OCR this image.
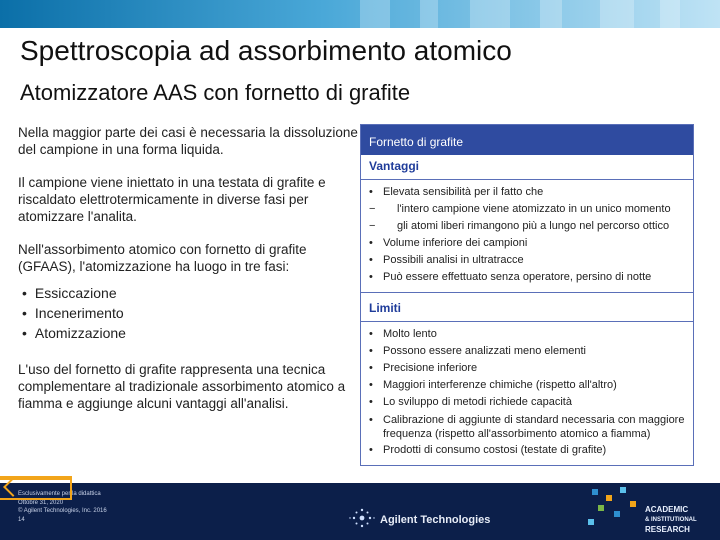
Spettroscopia ad assorbimento atomico
Atomizzatore AAS con fornetto di grafite

Nella maggior parte dei casi è necessaria la dissoluzione del campione in una forma liquida.

Il campione viene iniettato in una testata di grafite e riscaldato elettrotermicamente in diverse fasi per atomizzare l'analita.

Nell'assorbimento atomico con fornetto di grafite (GFAAS), l'atomizzazione ha luogo in tre fasi:

• Essiccazione
• Incenerimento
• Atomizzazione

L'uso del fornetto di grafite rappresenta una tecnica complementare al tradizionale assorbimento atomico a fiamma e aggiunge alcuni vantaggi all'analisi.

Fornetto di grafite
Vantaggi
• Elevata sensibilità per il fatto che
− l'intero campione viene atomizzato in un unico momento
− gli atomi liberi rimangono più a lungo nel percorso ottico
• Volume inferiore dei campioni
• Possibili analisi in ultratracce
• Può essere effettuato senza operatore, persino di notte
Limiti
• Molto lento
• Possono essere analizzati meno elementi
• Precisione inferiore
• Maggiori interferenze chimiche (rispetto all'altro)
• Lo sviluppo di metodi richiede capacità
• Calibrazione di aggiunte di standard necessaria con maggiore frequenza (rispetto all'assorbimento atomico a fiamma)
• Prodotti di consumo costosi (testate di grafite)
Esclusivamente per la didattica
Ottobre 31, 2020
© Agilent Technologies, Inc. 2016
14	Agilent Technologies
ACADEMIC
& INSTITUTIONAL
RESEARCH
